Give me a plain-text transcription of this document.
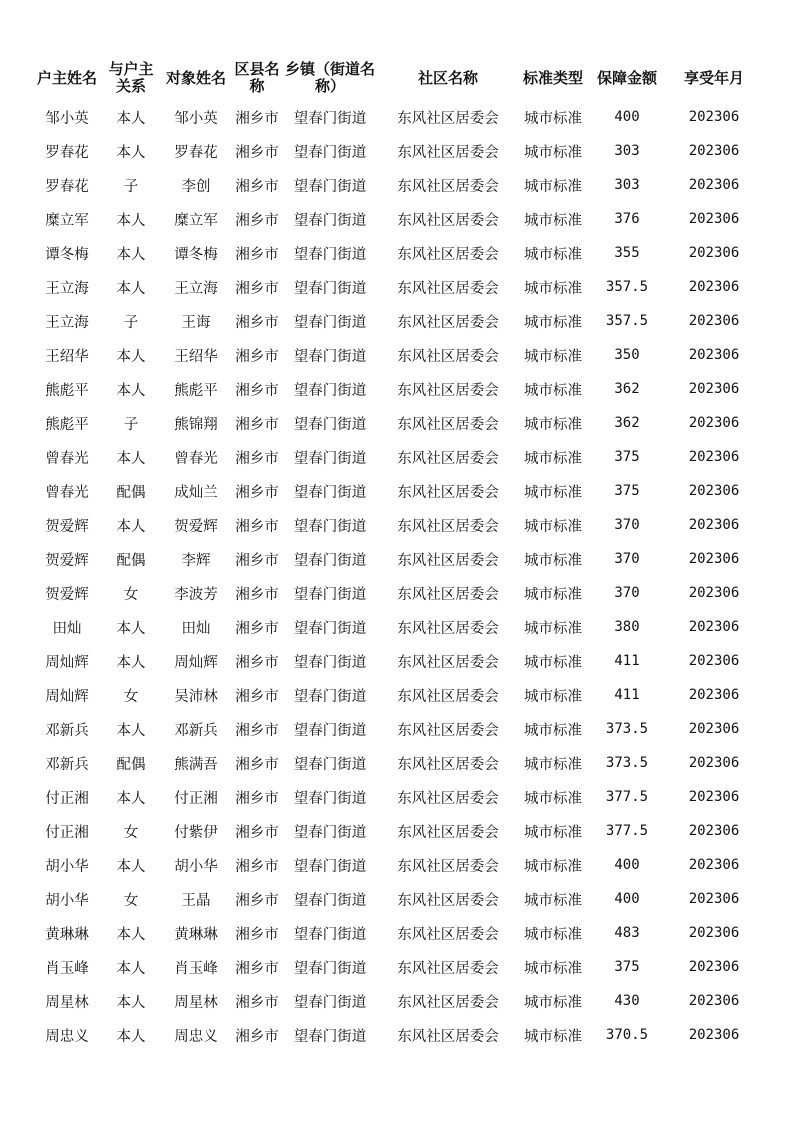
户主姓名	与户主关系	对象姓名	区县名称	乡镇（街道名称）	社区名称	标准类型	保障金额	享受年月
邹小英	本人	邹小英	湘乡市	望春门街道	东风社区居委会	城市标准	400	202306
罗春花	本人	罗春花	湘乡市	望春门街道	东风社区居委会	城市标准	303	202306
罗春花	子	李创	湘乡市	望春门街道	东风社区居委会	城市标准	303	202306
糜立军	本人	糜立军	湘乡市	望春门街道	东风社区居委会	城市标准	376	202306
谭冬梅	本人	谭冬梅	湘乡市	望春门街道	东风社区居委会	城市标准	355	202306
王立海	本人	王立海	湘乡市	望春门街道	东风社区居委会	城市标准	357.5	202306
王立海	子	王诲	湘乡市	望春门街道	东风社区居委会	城市标准	357.5	202306
王绍华	本人	王绍华	湘乡市	望春门街道	东风社区居委会	城市标准	350	202306
熊彪平	本人	熊彪平	湘乡市	望春门街道	东风社区居委会	城市标准	362	202306
熊彪平	子	熊锦翔	湘乡市	望春门街道	东风社区居委会	城市标准	362	202306
曾春光	本人	曾春光	湘乡市	望春门街道	东风社区居委会	城市标准	375	202306
曾春光	配偶	成灿兰	湘乡市	望春门街道	东风社区居委会	城市标准	375	202306
贺爱辉	本人	贺爱辉	湘乡市	望春门街道	东风社区居委会	城市标准	370	202306
贺爱辉	配偶	李辉	湘乡市	望春门街道	东风社区居委会	城市标准	370	202306
贺爱辉	女	李波芳	湘乡市	望春门街道	东风社区居委会	城市标准	370	202306
田灿	本人	田灿	湘乡市	望春门街道	东风社区居委会	城市标准	380	202306
周灿辉	本人	周灿辉	湘乡市	望春门街道	东风社区居委会	城市标准	411	202306
周灿辉	女	吴沛林	湘乡市	望春门街道	东风社区居委会	城市标准	411	202306
邓新兵	本人	邓新兵	湘乡市	望春门街道	东风社区居委会	城市标准	373.5	202306
邓新兵	配偶	熊满吾	湘乡市	望春门街道	东风社区居委会	城市标准	373.5	202306
付正湘	本人	付正湘	湘乡市	望春门街道	东风社区居委会	城市标准	377.5	202306
付正湘	女	付紫伊	湘乡市	望春门街道	东风社区居委会	城市标准	377.5	202306
胡小华	本人	胡小华	湘乡市	望春门街道	东风社区居委会	城市标准	400	202306
胡小华	女	王晶	湘乡市	望春门街道	东风社区居委会	城市标准	400	202306
黄琳琳	本人	黄琳琳	湘乡市	望春门街道	东风社区居委会	城市标准	483	202306
肖玉峰	本人	肖玉峰	湘乡市	望春门街道	东风社区居委会	城市标准	375	202306
周星林	本人	周星林	湘乡市	望春门街道	东风社区居委会	城市标准	430	202306
周忠义	本人	周忠义	湘乡市	望春门街道	东风社区居委会	城市标准	370.5	202306
